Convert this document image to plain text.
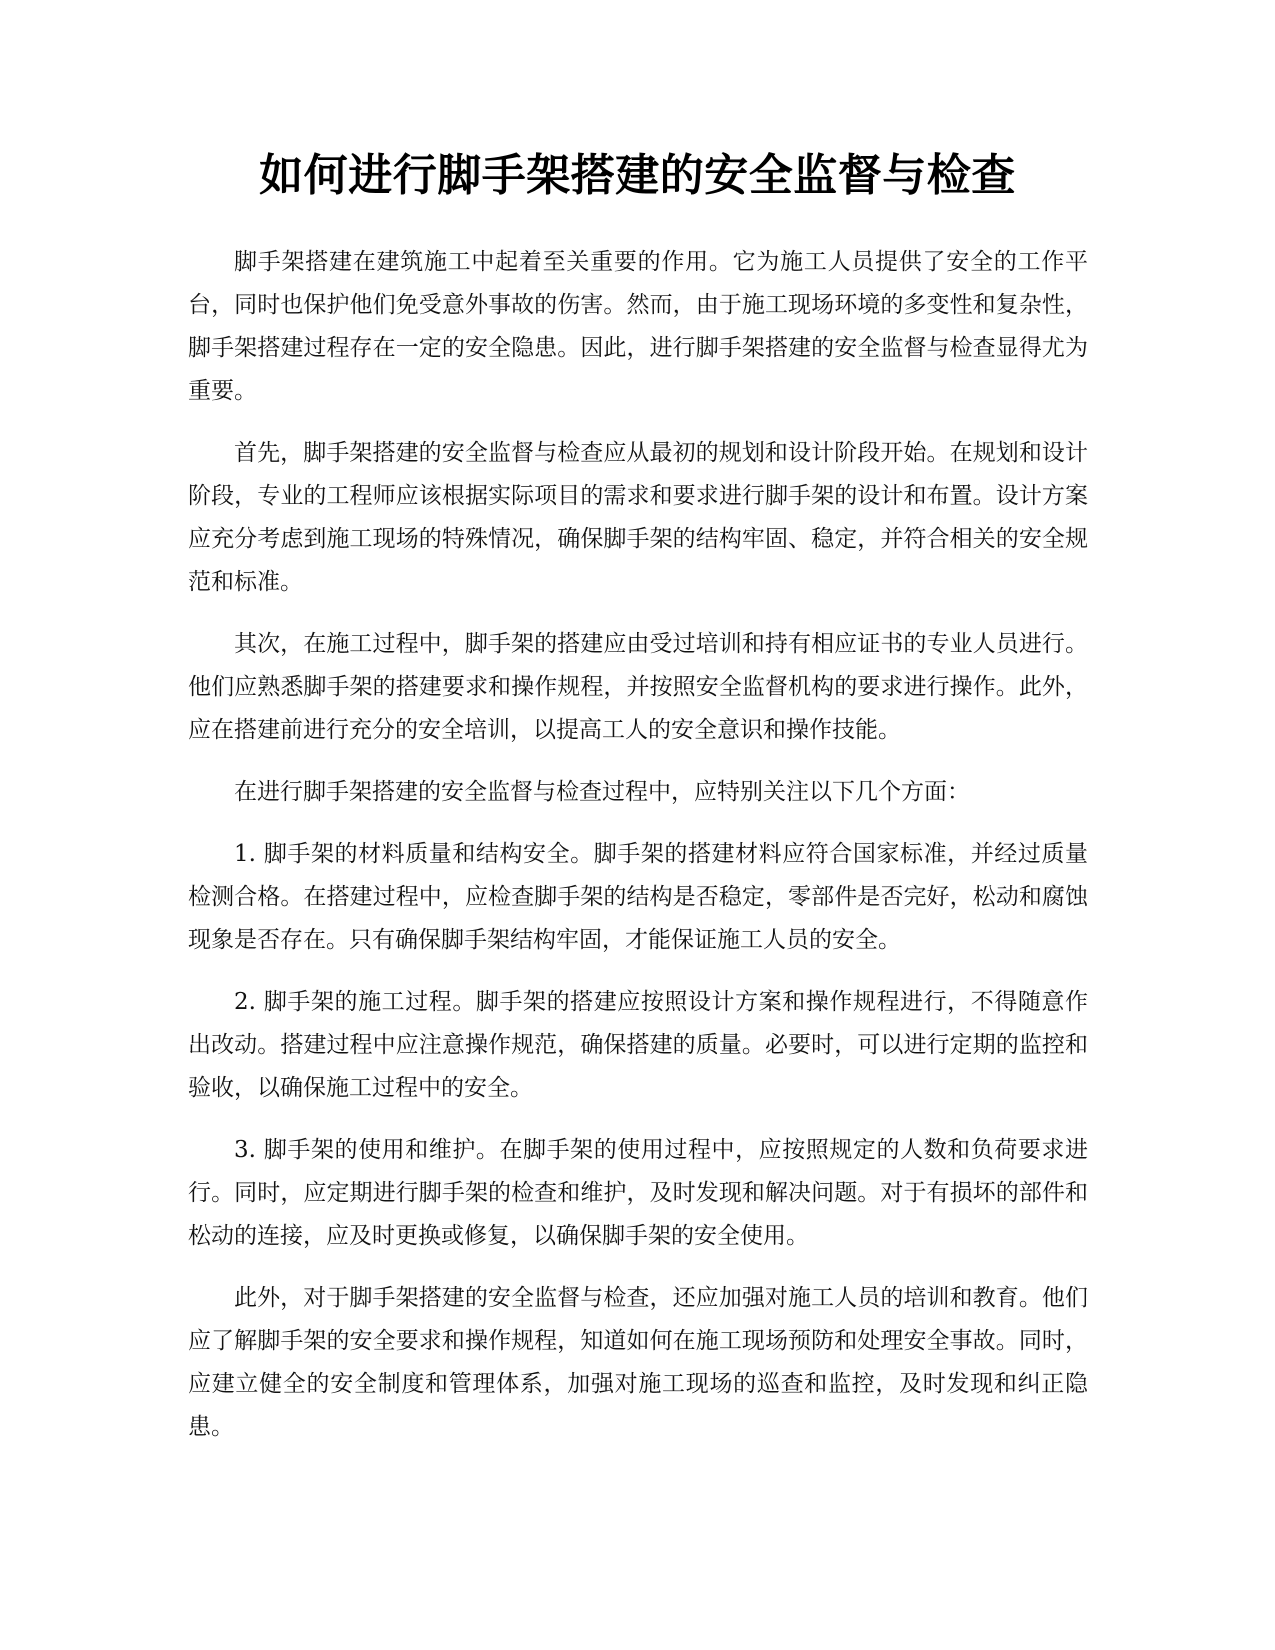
如何进行脚手架搭建的安全监督与检查

脚手架搭建在建筑施工中起着至关重要的作用。它为施工人员提供了安全的工作平台，同时也保护他们免受意外事故的伤害。然而，由于施工现场环境的多变性和复杂性，脚手架搭建过程存在一定的安全隐患。因此，进行脚手架搭建的安全监督与检查显得尤为重要。

首先，脚手架搭建的安全监督与检查应从最初的规划和设计阶段开始。在规划和设计阶段，专业的工程师应该根据实际项目的需求和要求进行脚手架的设计和布置。设计方案应充分考虑到施工现场的特殊情况，确保脚手架的结构牢固、稳定，并符合相关的安全规范和标准。

其次，在施工过程中，脚手架的搭建应由受过培训和持有相应证书的专业人员进行。他们应熟悉脚手架的搭建要求和操作规程，并按照安全监督机构的要求进行操作。此外，应在搭建前进行充分的安全培训，以提高工人的安全意识和操作技能。

在进行脚手架搭建的安全监督与检查过程中，应特别关注以下几个方面：

1. 脚手架的材料质量和结构安全。脚手架的搭建材料应符合国家标准，并经过质量检测合格。在搭建过程中，应检查脚手架的结构是否稳定，零部件是否完好，松动和腐蚀现象是否存在。只有确保脚手架结构牢固，才能保证施工人员的安全。

2. 脚手架的施工过程。脚手架的搭建应按照设计方案和操作规程进行，不得随意作出改动。搭建过程中应注意操作规范，确保搭建的质量。必要时，可以进行定期的监控和验收，以确保施工过程中的安全。

3. 脚手架的使用和维护。在脚手架的使用过程中，应按照规定的人数和负荷要求进行。同时，应定期进行脚手架的检查和维护，及时发现和解决问题。对于有损坏的部件和松动的连接，应及时更换或修复，以确保脚手架的安全使用。

此外，对于脚手架搭建的安全监督与检查，还应加强对施工人员的培训和教育。他们应了解脚手架的安全要求和操作规程，知道如何在施工现场预防和处理安全事故。同时，应建立健全的安全制度和管理体系，加强对施工现场的巡查和监控，及时发现和纠正隐患。
